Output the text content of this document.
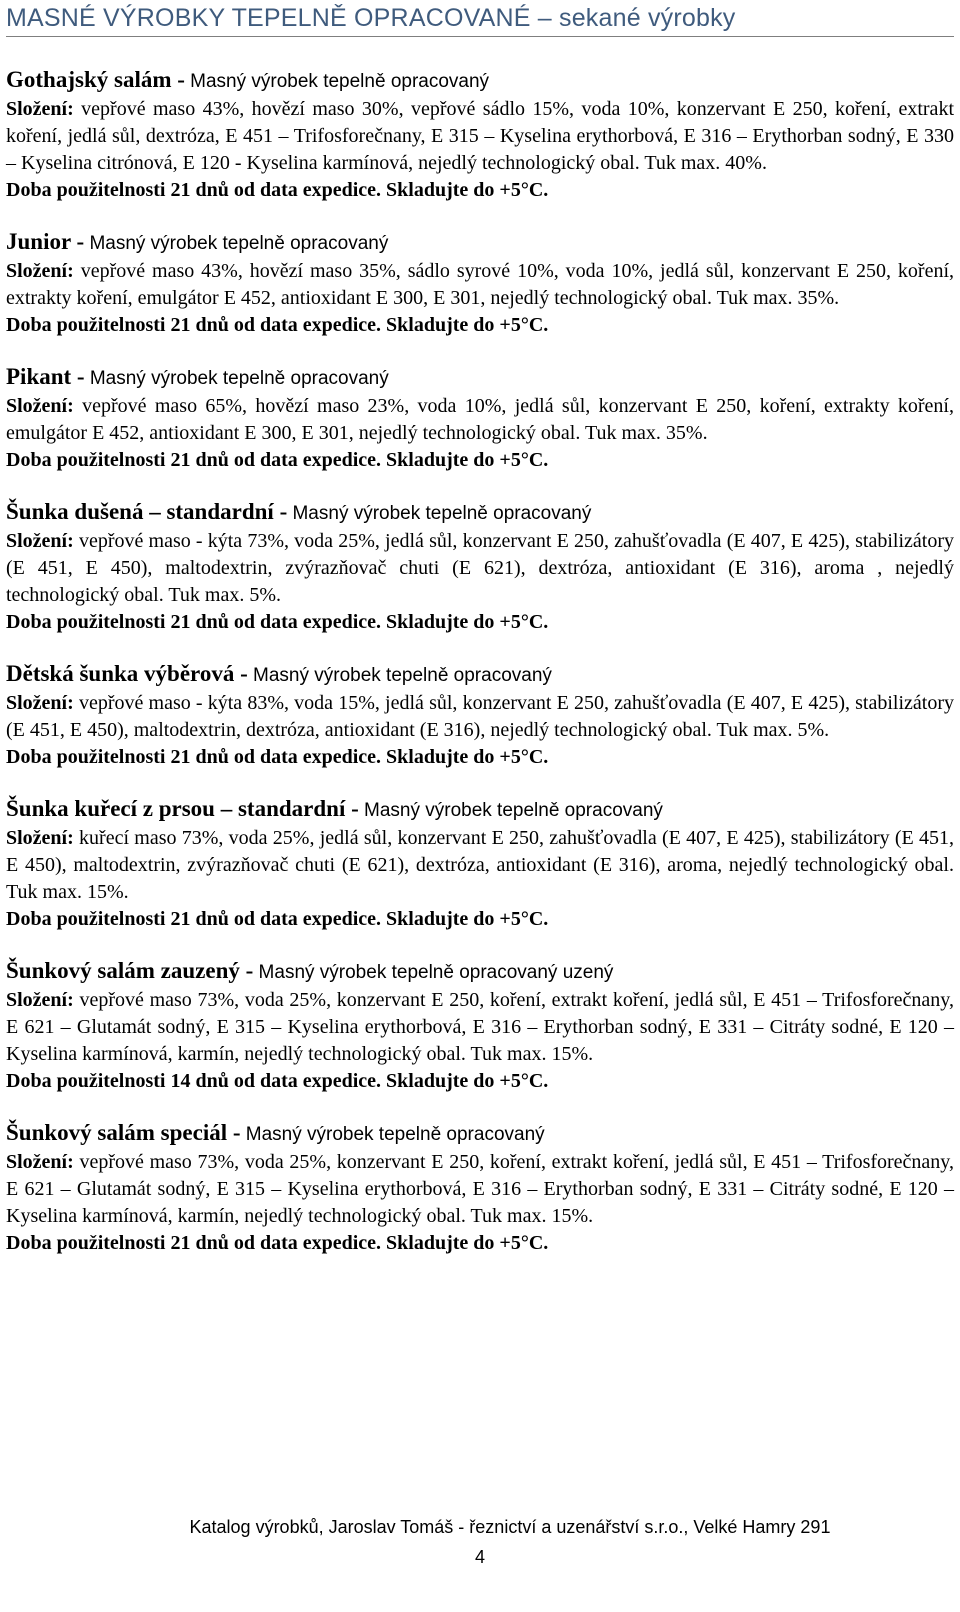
MASNÉ VÝROBKY TEPELNĚ OPRACOVANÉ – sekané výrobky
Gothajský salám - Masný výrobek tepelně opracovaný
Složení: vepřové maso 43%, hovězí maso 30%, vepřové sádlo 15%, voda 10%, konzervant E 250, koření, extrakt koření, jedlá sůl, dextróza, E 451 – Trifosforečnany, E 315 – Kyselina erythorbová, E 316 – Erythorban sodný, E 330 – Kyselina citrónová, E 120 - Kyselina karmínová, nejedlý technologický obal. Tuk max. 40%.
Doba použitelnosti 21 dnů od data expedice. Skladujte do +5°C.
Junior - Masný výrobek tepelně opracovaný
Složení: vepřové maso 43%, hovězí maso 35%, sádlo syrové 10%, voda 10%, jedlá sůl, konzervant E 250, koření, extrakty koření, emulgátor E 452, antioxidant E 300, E 301, nejedlý technologický obal. Tuk max. 35%.
Doba použitelnosti 21 dnů od data expedice. Skladujte do +5°C.
Pikant - Masný výrobek tepelně opracovaný
Složení: vepřové maso 65%, hovězí maso 23%, voda 10%, jedlá sůl, konzervant E 250, koření, extrakty koření, emulgátor E 452, antioxidant E 300, E 301, nejedlý technologický obal. Tuk max. 35%.
Doba použitelnosti 21 dnů od data expedice. Skladujte do +5°C.
Šunka dušená – standardní - Masný výrobek tepelně opracovaný
Složení: vepřové maso - kýta 73%, voda 25%, jedlá sůl, konzervant E 250, zahušťovadla (E 407, E 425), stabilizátory (E 451, E 450), maltodextrin, zvýrazňovač chuti (E 621), dextróza, antioxidant (E 316), aroma , nejedlý technologický obal. Tuk max. 5%.
Doba použitelnosti 21 dnů od data expedice. Skladujte do +5°C.
Dětská šunka výběrová - Masný výrobek tepelně opracovaný
Složení: vepřové maso - kýta 83%, voda 15%, jedlá sůl, konzervant E 250, zahušťovadla (E 407, E 425), stabilizátory (E 451, E 450), maltodextrin, dextróza, antioxidant (E 316), nejedlý technologický obal. Tuk max. 5%.
Doba použitelnosti 21 dnů od data expedice. Skladujte do +5°C.
Šunka kuřecí z prsou – standardní - Masný výrobek tepelně opracovaný
Složení: kuřecí maso 73%, voda 25%, jedlá sůl, konzervant E 250, zahušťovadla (E 407, E 425), stabilizátory (E 451, E 450), maltodextrin, zvýrazňovač chuti (E 621), dextróza, antioxidant (E 316), aroma, nejedlý technologický obal. Tuk max. 15%.
Doba použitelnosti 21 dnů od data expedice. Skladujte do +5°C.
Šunkový salám zauzený - Masný výrobek tepelně opracovaný uzený
Složení: vepřové maso 73%, voda 25%, konzervant E 250, koření, extrakt koření, jedlá sůl, E 451 – Trifosforečnany, E 621 – Glutamát sodný, E 315 – Kyselina erythorbová, E 316 – Erythorban sodný, E 331 – Citráty sodné, E 120 – Kyselina karmínová, karmín, nejedlý technologický obal. Tuk max. 15%.
Doba použitelnosti 14 dnů od data expedice. Skladujte do +5°C.
Šunkový salám speciál - Masný výrobek tepelně opracovaný
Složení: vepřové maso 73%, voda 25%, konzervant E 250, koření, extrakt koření, jedlá sůl, E 451 – Trifosforečnany, E 621 – Glutamát sodný, E 315 – Kyselina erythorbová, E 316 – Erythorban sodný, E 331 – Citráty sodné, E 120 – Kyselina karmínová, karmín, nejedlý technologický obal. Tuk max. 15%.
Doba použitelnosti 21 dnů od data expedice. Skladujte do +5°C.
Katalog výrobků, Jaroslav Tomáš - řeznictví a uzenářství s.r.o., Velké Hamry 291
4
